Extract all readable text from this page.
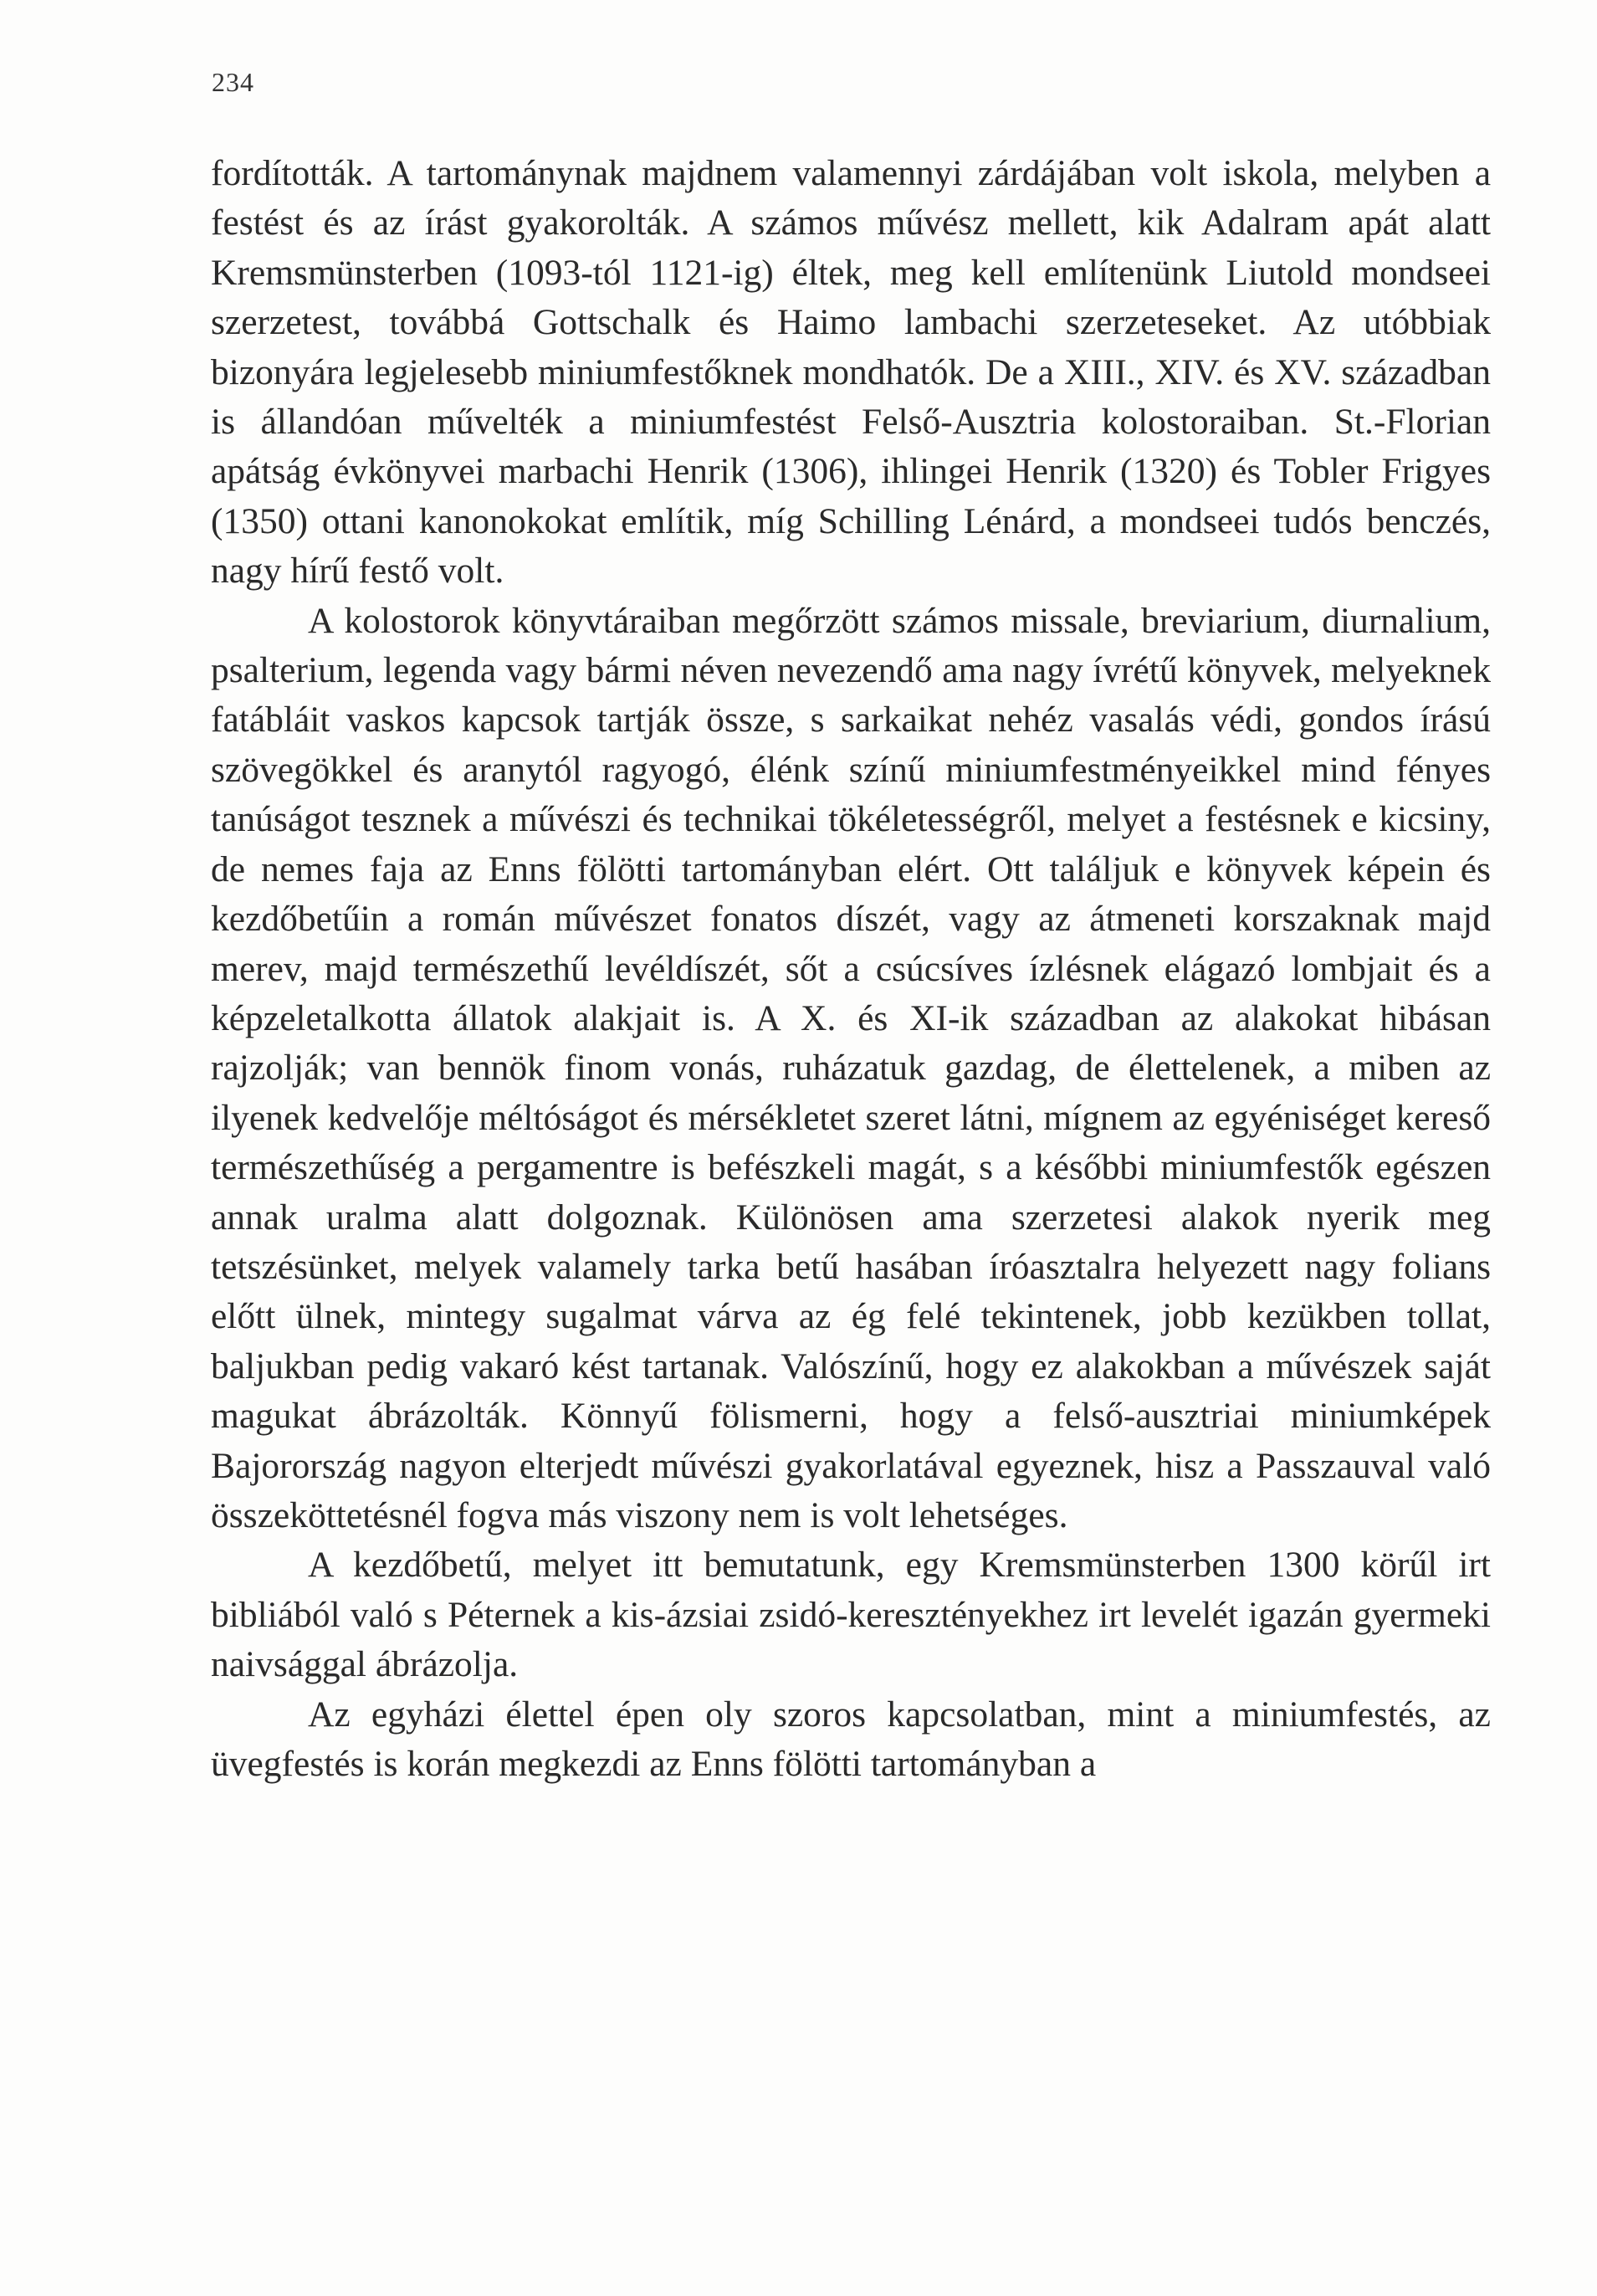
234

fordították. A tartománynak majdnem valamennyi zárdájában volt iskola, melyben a festést és az írást gyakorolták. A számos művész mellett, kik Adalram apát alatt Kremsmünsterben (1093-tól 1121-ig) éltek, meg kell említenünk Liutold mondseei szerzetest, továbbá Gottschalk és Haimo lambachi szerzeteseket. Az utóbbiak bizonyára legjelesebb miniumfestőknek mondhatók. De a XIII., XIV. és XV. században is állandóan művelték a miniumfestést Felső-Ausztria kolostoraiban. St.-Florian apátság évkönyvei marbachi Henrik (1306), ihlingei Henrik (1320) és Tobler Frigyes (1350) ottani kanonokokat említik, míg Schilling Lénárd, a mondseei tudós benczés, nagy hírű festő volt.

A kolostorok könyvtáraiban megőrzött számos missale, breviarium, diurnalium, psalterium, legenda vagy bármi néven nevezendő ama nagy ívrétű könyvek, melyeknek fatábláit vaskos kapcsok tartják össze, s sarkaikat nehéz vasalás védi, gondos írású szövegökkel és aranytól ragyogó, élénk színű miniumfestményeikkel mind fényes tanúságot tesznek a művészi és technikai tökéletességről, melyet a festésnek e kicsiny, de nemes faja az Enns fölötti tartományban elért. Ott találjuk e könyvek képein és kezdőbetűin a román művészet fonatos díszét, vagy az átmeneti korszaknak majd merev, majd természethű levéldíszét, sőt a csúcsíves ízlésnek elágazó lombjait és a képzeletalkotta állatok alakjait is. A X. és XI-ik században az alakokat hibásan rajzolják; van bennök finom vonás, ruházatuk gazdag, de élettelenek, a miben az ilyenek kedvelője méltóságot és mérsékletet szeret látni, mígnem az egyéniséget kereső természethűség a pergamentre is befészkeli magát, s a későbbi miniumfestők egészen annak uralma alatt dolgoznak. Különösen ama szerzetesi alakok nyerik meg tetszésünket, melyek valamely tarka betű hasában íróasztalra helyezett nagy folians előtt ülnek, mintegy sugalmat várva az ég felé tekintenek, jobb kezükben tollat, baljukban pedig vakaró kést tartanak. Valószínű, hogy ez alakokban a művészek saját magukat ábrázolták. Könnyű fölismerni, hogy a felső-ausztriai miniumképek Bajorország nagyon elterjedt művészi gyakorlatával egyeznek, hisz a Passzauval való összeköttetésnél fogva más viszony nem is volt lehetséges.

A kezdőbetű, melyet itt bemutatunk, egy Kremsmünsterben 1300 körűl irt bibliából való s Péternek a kis-ázsiai zsidó-keresztényekhez irt levelét igazán gyermeki naivsággal ábrázolja.

Az egyházi élettel épen oly szoros kapcsolatban, mint a miniumfestés, az üvegfestés is korán megkezdi az Enns fölötti tartományban a
